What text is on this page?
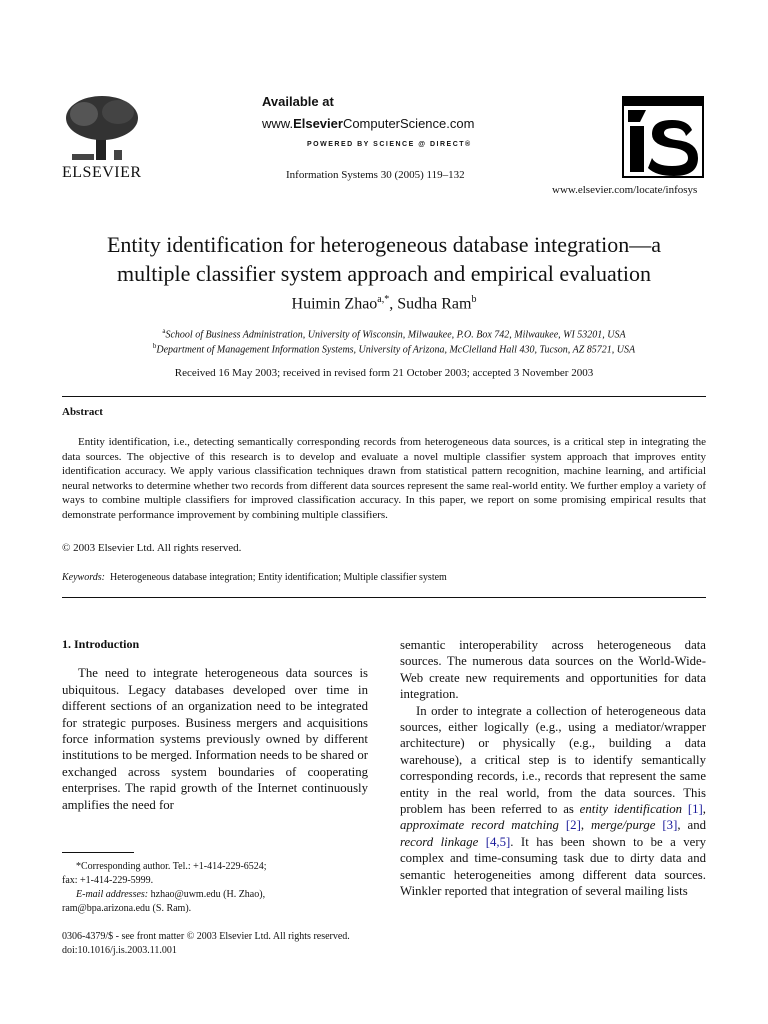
ELSEVIER
Available at
www.ElsevierComputerScience.com
POWERED BY SCIENCE @ DIRECT®
Information Systems 30 (2005) 119–132
www.elsevier.com/locate/infosys
Entity identification for heterogeneous database integration—a
multiple classifier system approach and empirical evaluation
Huimin Zhao$^{a,*}$, Sudha Ram$^b$
$^a$School of Business Administration, University of Wisconsin, Milwaukee, P.O. Box 742, Milwaukee, WI 53201, USA
$^b$Department of Management Information Systems, University of Arizona, McClelland Hall 430, Tucson, AZ 85721, USA
Received 16 May 2003; received in revised form 21 October 2003; accepted 3 November 2003
Abstract
Entity identification, i.e., detecting semantically corresponding records from heterogeneous data sources, is a critical step in integrating the data sources. The objective of this research is to develop and evaluate a novel multiple classifier system approach that improves entity identification accuracy. We apply various classification techniques drawn from statistical pattern recognition, machine learning, and artificial neural networks to determine whether two records from different data sources represent the same real-world entity. We further employ a variety of ways to combine multiple classifiers for improved classification accuracy. In this paper, we report on some promising empirical results that demonstrate performance improvement by combining multiple classifiers.
© 2003 Elsevier Ltd. All rights reserved.
Keywords: Heterogeneous database integration; Entity identification; Multiple classifier system
1. Introduction
The need to integrate heterogeneous data sources is ubiquitous. Legacy databases developed over time in different sections of an organization need to be integrated for strategic purposes. Business mergers and acquisitions force information systems previously owned by different institutions to be merged. Information needs to be shared or exchanged across system boundaries of cooperating enterprises. The rapid growth of the Internet continuously amplifies the need for
semantic interoperability across heterogeneous data sources. The numerous data sources on the World-Wide-Web create new requirements and opportunities for data integration.
In order to integrate a collection of heterogeneous data sources, either logically (e.g., using a mediator/wrapper architecture) or physically (e.g., building a data warehouse), a critical step is to identify semantically corresponding records, i.e., records that represent the same entity in the real world, from the data sources. This problem has been referred to as entity identification [1], approximate record matching [2], merge/purge [3], and record linkage [4,5]. It has been shown to be a very complex and time-consuming task due to dirty data and semantic heterogeneities among different data sources. Winkler reported that integration of several mailing lists
*Corresponding author. Tel.: +1-414-229-6524;
fax: +1-414-229-5999.
E-mail addresses: hzhao@uwm.edu (H. Zhao),
ram@bpa.arizona.edu (S. Ram).
0306-4379/$ - see front matter © 2003 Elsevier Ltd. All rights reserved.
doi:10.1016/j.is.2003.11.001
